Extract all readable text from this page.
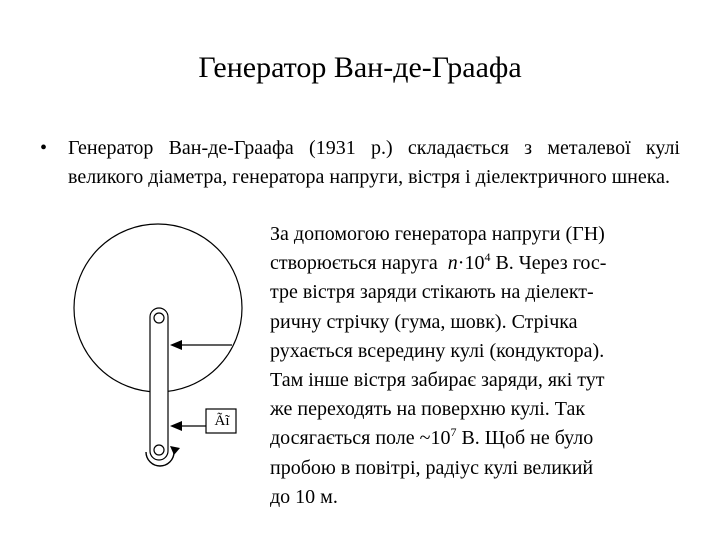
Генератор Ван-де-Граафа
• Генератор Ван-де-Граафа (1931 р.) складається з металевої кулі великого діаметра, генератора напруги, вістря і діелектричного шнека.
Ãĩ
За допомогою генератора напруги (ГН)
створюється наруга $n\cdot 10^4$ В. Через гос-
тре вістря заряди стікають на діелект-
ричну стрічку (гума, шовк). Стрічка
рухається всередину кулі (кондуктора).
Там інше вістря забирає заряди, які тут
же переходять на поверхню кулі. Так
досягається поле $\sim 10^7$ В. Щоб не було
пробою в повітрі, радіус кулі великий
до 10 м.
